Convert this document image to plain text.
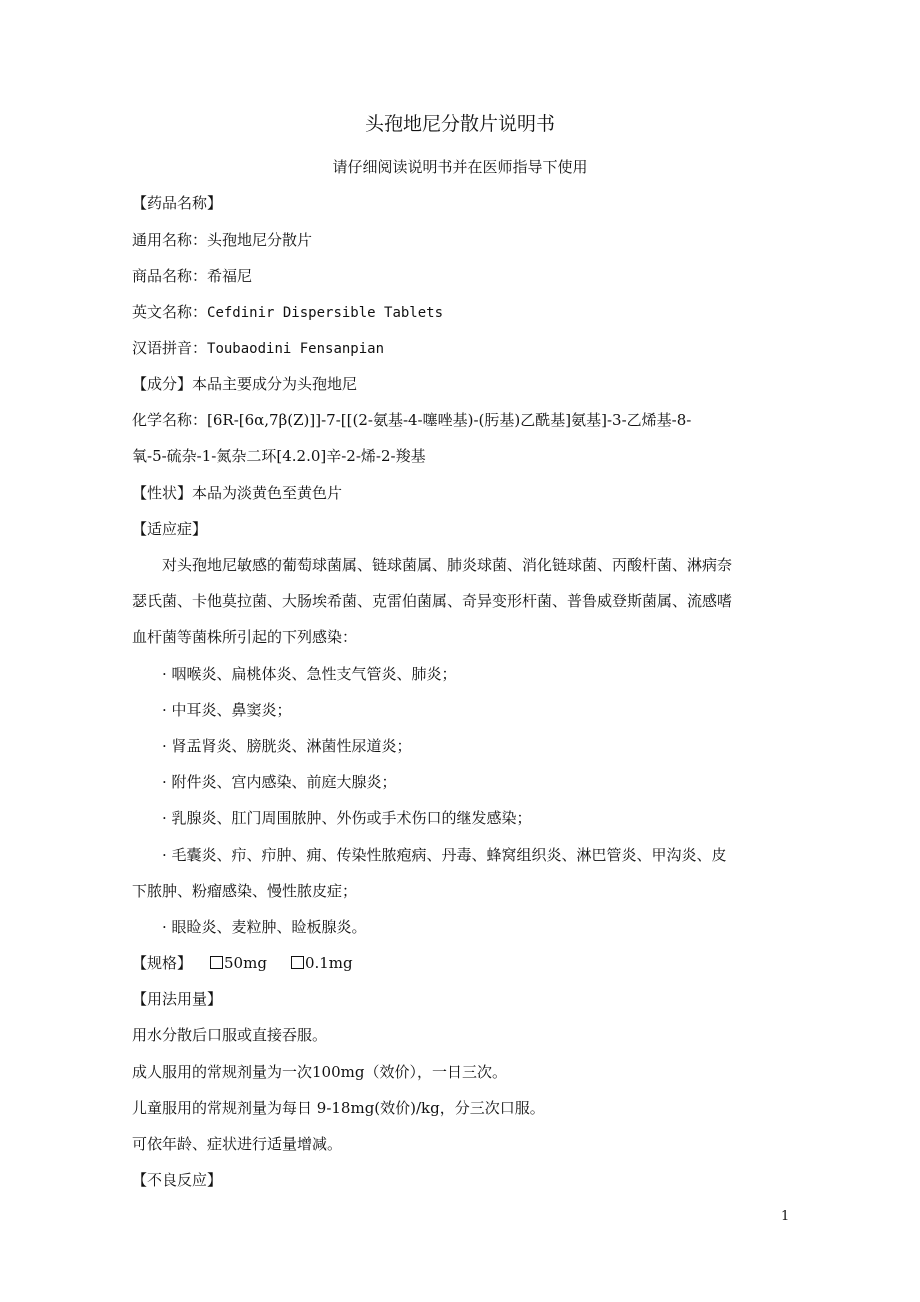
头孢地尼分散片说明书
请仔细阅读说明书并在医师指导下使用
【药品名称】
通用名称：头孢地尼分散片
商品名称：希福尼
英文名称：Cefdinir Dispersible Tablets
汉语拼音：Toubaodini Fensanpian
【成分】本品主要成分为头孢地尼
化学名称：[6R-[6α,7β(Z)]]-7-[[(2-氨基-4-噻唑基)-(肟基)乙酰基]氨基]-3-乙烯基-8-
氧-5-硫杂-1-氮杂二环[4.2.0]辛-2-烯-2-羧基
【性状】本品为淡黄色至黄色片
【适应症】
对头孢地尼敏感的葡萄球菌属、链球菌属、肺炎球菌、消化链球菌、丙酸杆菌、淋病奈
瑟氏菌、卡他莫拉菌、大肠埃希菌、克雷伯菌属、奇异变形杆菌、普鲁威登斯菌属、流感嗜
血杆菌等菌株所引起的下列感染：
· 咽喉炎、扁桃体炎、急性支气管炎、肺炎；
· 中耳炎、鼻窦炎；
· 肾盂肾炎、膀胱炎、淋菌性尿道炎；
· 附件炎、宫内感染、前庭大腺炎；
· 乳腺炎、肛门周围脓肿、外伤或手术伤口的继发感染；
· 毛囊炎、疖、疖肿、痈、传染性脓疱病、丹毒、蜂窝组织炎、淋巴管炎、甲沟炎、皮
下脓肿、粉瘤感染、慢性脓皮症；
· 眼睑炎、麦粒肿、睑板腺炎。
【规格】 50mg	0.1mg
【用法用量】
用水分散后口服或直接吞服。
成人服用的常规剂量为一次100mg（效价），一日三次。
儿童服用的常规剂量为每日 9-18mg(效价)/kg，分三次口服。
可依年龄、症状进行适量增减。
【不良反应】
1
